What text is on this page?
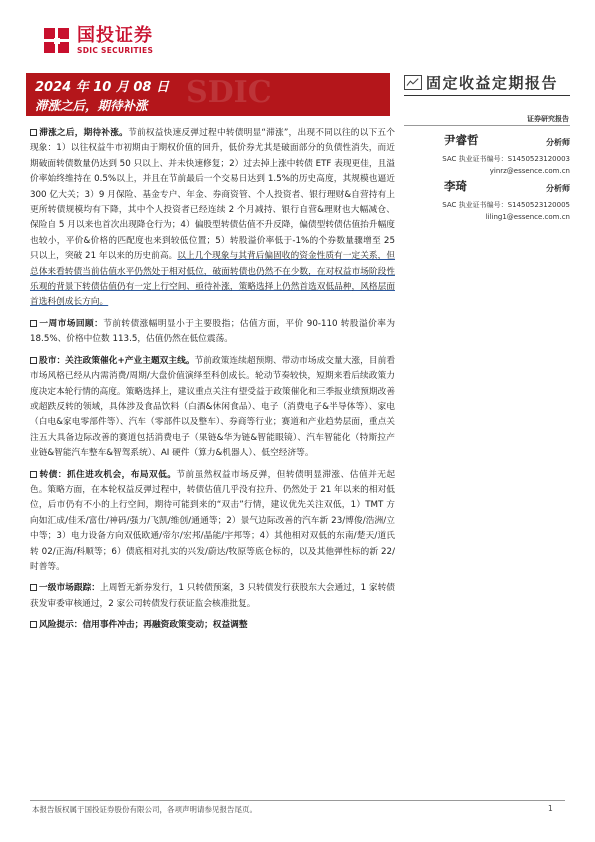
国投证券
SDIC SECURITIES
SDIC
2024 年 10 月 08 日
滞涨之后，期待补涨
固定收益定期报告
证券研究报告
尹睿哲	分析师
SAC 执业证书编号：S1450523120003
yinrz@essence.com.cn
李琦	分析师
SAC 执业证书编号：S1450523120005
liling1@essence.com.cn

滞涨之后，期待补涨。节前权益快速反弹过程中转债明显“滞涨”，出现不同以往的以下五个现象：1）以往权益牛市初期由于期权价值的回升，低价券尤其是破面部分的负债性消失，而近期破面转债数量仍达到 50 只以上、并未快速修复；2）过去掉上涨中转债 ETF 表现更佳，且溢价率始终维持在 0.5%以上，并且在节前最后一个交易日达到 1.5%的历史高度，其规模也逼近 300 亿大关；3）9 月保险、基金专户、年金、券商资管、个人投资者、银行理财&自营持有上更所转债规模均有下降，其中个人投资者已经连续 2 个月减持、银行自营&理财也大幅减仓、保险自 5 月以来也首次出现降仓行为；4）偏股型转债估值不升反降，偏债型转债估值抬升幅度也较小，平价&价格的匹配度也来到较低位置；5）转股溢价率低于-1%的个券数量骤增至 25 只以上，突破 21 年以来的历史前高。以上几个现象与其背后偏固收的资金性质有一定关系，但总体来看转债当前估值水平仍然处于相对低位，破面转债也仍然不在少数，在对权益市场阶段性乐观的背景下转债估值仍有一定上行空间、亟待补涨，策略选择上仍然首选双低品种，风格层面首选科创成长方向。

一周市场回顾：节前转债涨幅明显小于主要股指；估值方面，平价 90-110 转股溢价率为 18.5%、价格中位数 113.5，估值仍然在低位震荡。

股市：关注政策催化+产业主题双主线。节前政策连续超预期、带动市场成交量大涨，目前看市场风格已经从内需消费/周期/大盘价值演绎至科创成长。轮动节奏较快，短期来看后续政策力度决定本轮行情的高度。策略选择上，建议重点关注有望受益于政策催化和三季报业绩预期改善或超跌反转的领域，具体涉及食品饮料（白酒&休闲食品）、电子（消费电子&半导体等）、家电（白电&家电零部件等）、汽车（零部件以及整车）、券商等行业；赛道和产业趋势层面，重点关注五大具备边际改善的赛道包括消费电子（果链&华为链&智能眼镜）、汽车智能化（特斯拉产业链&智能汽车整车&智驾系统）、AI 硬件（算力&机器人）、低空经济等。

转债：抓住进攻机会，布局双低。节前虽然权益市场反弹，但转债明显滞涨、估值并无起色。策略方面，在本轮权益反弹过程中，转债估值几乎没有拉升、仍然处于 21 年以来的相对低位，后市仍有不小的上行空间，期待可能到来的“双击”行情，建议优先关注双低，1）TMT 方向如汇成/佳禾/富仕/神码/强力/飞凯/维创/通通等；2）景气边际改善的汽车新 23/博俊/浩洲/立中等；3）电力设备方向双低欧通/帝尔/宏邦/晶能/宇邦等；4）其他相对双低的东南/楚天/道氏转 02/正海/科顺等；6）债底相对扎实的兴发/蔚达/牧原等底仓标的，以及其他弹性标的新 22/时普等。

一级市场跟踪：上周暂无新券发行，1 只转债预案，3 只转债发行获股东大会通过，1 家转债获发审委审核通过，2 家公司转债发行获证监会核准批复。

风险提示：信用事件冲击；再融资政策变动；权益调整

本报告版权属于国投证券股份有限公司，各项声明请参见报告尾页。	1
